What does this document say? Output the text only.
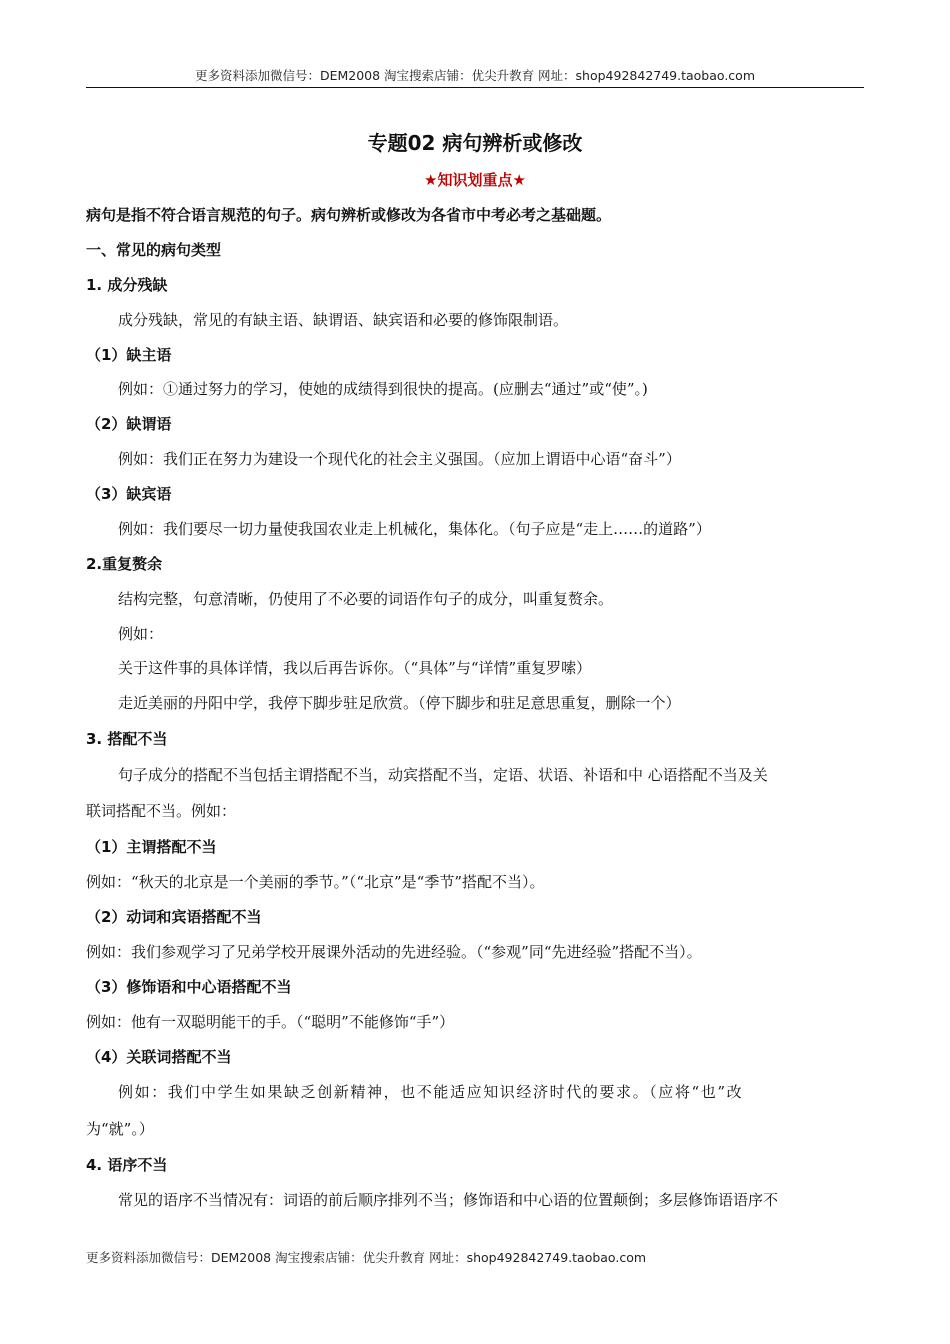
更多资料添加微信号：DEM2008 淘宝搜索店铺：优尖升教育 网址：shop492842749.taobao.com
专题02 病句辨析或修改
★知识划重点★
病句是指不符合语言规范的句子。病句辨析或修改为各省市中考必考之基础题。
一、常见的病句类型
1. 成分残缺
成分残缺，常见的有缺主语、缺谓语、缺宾语和必要的修饰限制语。
（1）缺主语
例如：①通过努力的学习，使她的成绩得到很快的提高。(应删去“通过”或“使”。)
（2）缺谓语
例如：我们正在努力为建设一个现代化的社会主义强国。（应加上谓语中心语“奋斗”）
（3）缺宾语
例如：我们要尽一切力量使我国农业走上机械化，集体化。（句子应是“走上……的道路”）
2.重复赘余
结构完整，句意清晰，仍使用了不必要的词语作句子的成分，叫重复赘余。
例如：
关于这件事的具体详情，我以后再告诉你。（“具体”与“详情”重复罗嗦）
走近美丽的丹阳中学，我停下脚步驻足欣赏。（停下脚步和驻足意思重复，删除一个）
3. 搭配不当
句子成分的搭配不当包括主谓搭配不当，动宾搭配不当，定语、状语、补语和中 心语搭配不当及关
联词搭配不当。例如：
（1）主谓搭配不当
例如：“秋天的北京是一个美丽的季节。”（“北京”是“季节”搭配不当）。
（2）动词和宾语搭配不当
例如：我们参观学习了兄弟学校开展课外活动的先进经验。（“参观”同“先进经验”搭配不当）。
（3）修饰语和中心语搭配不当
例如：他有一双聪明能干的手。（“聪明”不能修饰“手”）
（4）关联词搭配不当
例如：我们中学生如果缺乏创新精神，也不能适应知识经济时代的要求。（应将“也”改
为“就”。）
4. 语序不当
常见的语序不当情况有：词语的前后顺序排列不当；修饰语和中心语的位置颠倒；多层修饰语语序不
更多资料添加微信号：DEM2008 淘宝搜索店铺：优尖升教育 网址：shop492842749.taobao.com
